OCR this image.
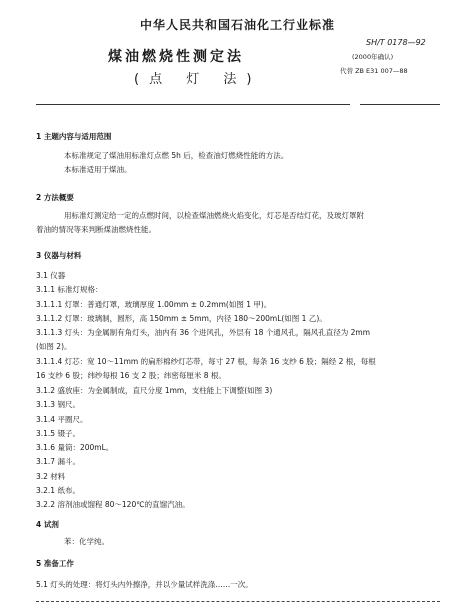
中华人民共和国石油化工行业标准
煤油燃烧性测定法
(点 灯 法)
SH/T 0178—92
(2000年确认)
代替 ZB E31 007—88
1 主题内容与适用范围
本标准规定了煤油用标准灯点燃 5h 后，检查油灯燃烧性能的方法。
本标准适用于煤油。
2 方法概要
用标准灯测定给一定的点燃时间，以检查煤油燃烧火焰变化，灯芯是否结灯花，及玻灯罩附
着油的情况等来判断煤油燃烧性能。
3 仪器与材料
3.1 仪器
3.1.1 标准灯规格：
3.1.1.1 灯罩：普通灯罩，玻璃厚度 1.00mm ± 0.2mm(如图 1 甲)。
3.1.1.2 灯罩：玻璃制，圆形，高 150mm ± 5mm，内径 180～200mL(如图 1 乙)。
3.1.1.3 灯头：为金属制有角灯头，油内有 36 个进风孔，外层有 18 个通风孔，隔风孔直径为 2mm
(如图 2)。
3.1.1.4 灯芯：宽 10～11mm 的扁形棉纱灯芯带，每寸 27 根，每条 16 支纱 6 股；隔经 2 根，每根
16 支纱 6 股；纬纱每根 16 支 2 股；纬密每厘米 8 根。
3.1.2 盛放座：为金属制成，直尺分度 1mm，支柱能上下调整(如图 3)
3.1.3 钢尺。
3.1.4 平圈尺。
3.1.5 镊子。
3.1.6 量筒：200mL。
3.1.7 漏斗。
3.2 材料
3.2.1 纸布。
3.2.2 溶剂油或馏程 80～120℃的直馏汽油。
4 试剂
苯：化学纯。
5 准备工作
5.1 灯头的处理：将灯头内外擦净，并以少量试样洗涤……一次。
